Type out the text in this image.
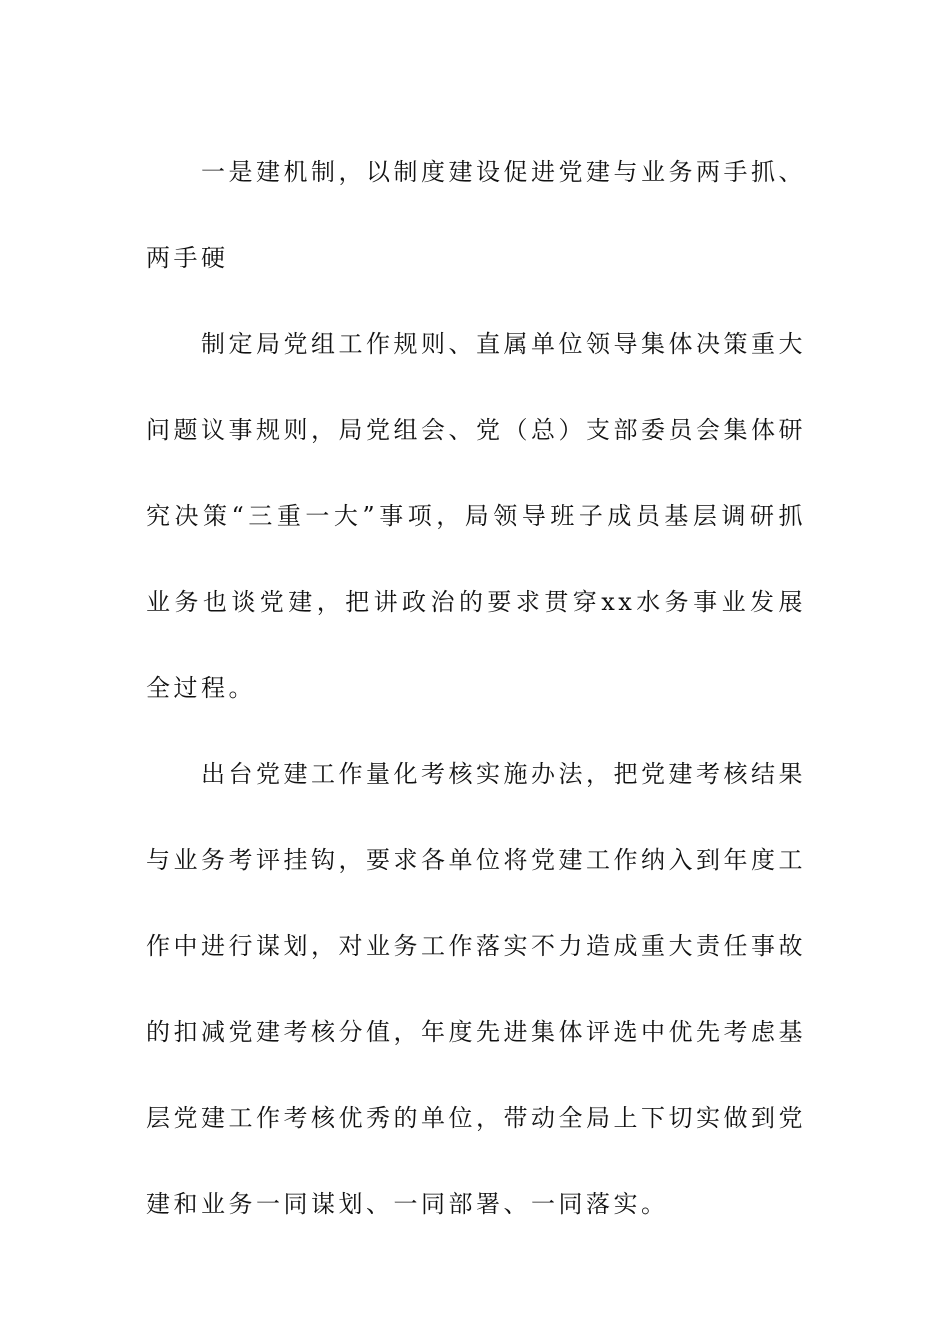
一是建机制，以制度建设促进党建与业务两手抓、两手硬

制定局党组工作规则、直属单位领导集体决策重大问题议事规则，局党组会、党（总）支部委员会集体研究决策“三重一大”事项，局领导班子成员基层调研抓业务也谈党建，把讲政治的要求贯穿xx水务事业发展全过程。

出台党建工作量化考核实施办法，把党建考核结果与业务考评挂钩，要求各单位将党建工作纳入到年度工作中进行谋划，对业务工作落实不力造成重大责任事故的扣减党建考核分值，年度先进集体评选中优先考虑基层党建工作考核优秀的单位，带动全局上下切实做到党建和业务一同谋划、一同部署、一同落实。
